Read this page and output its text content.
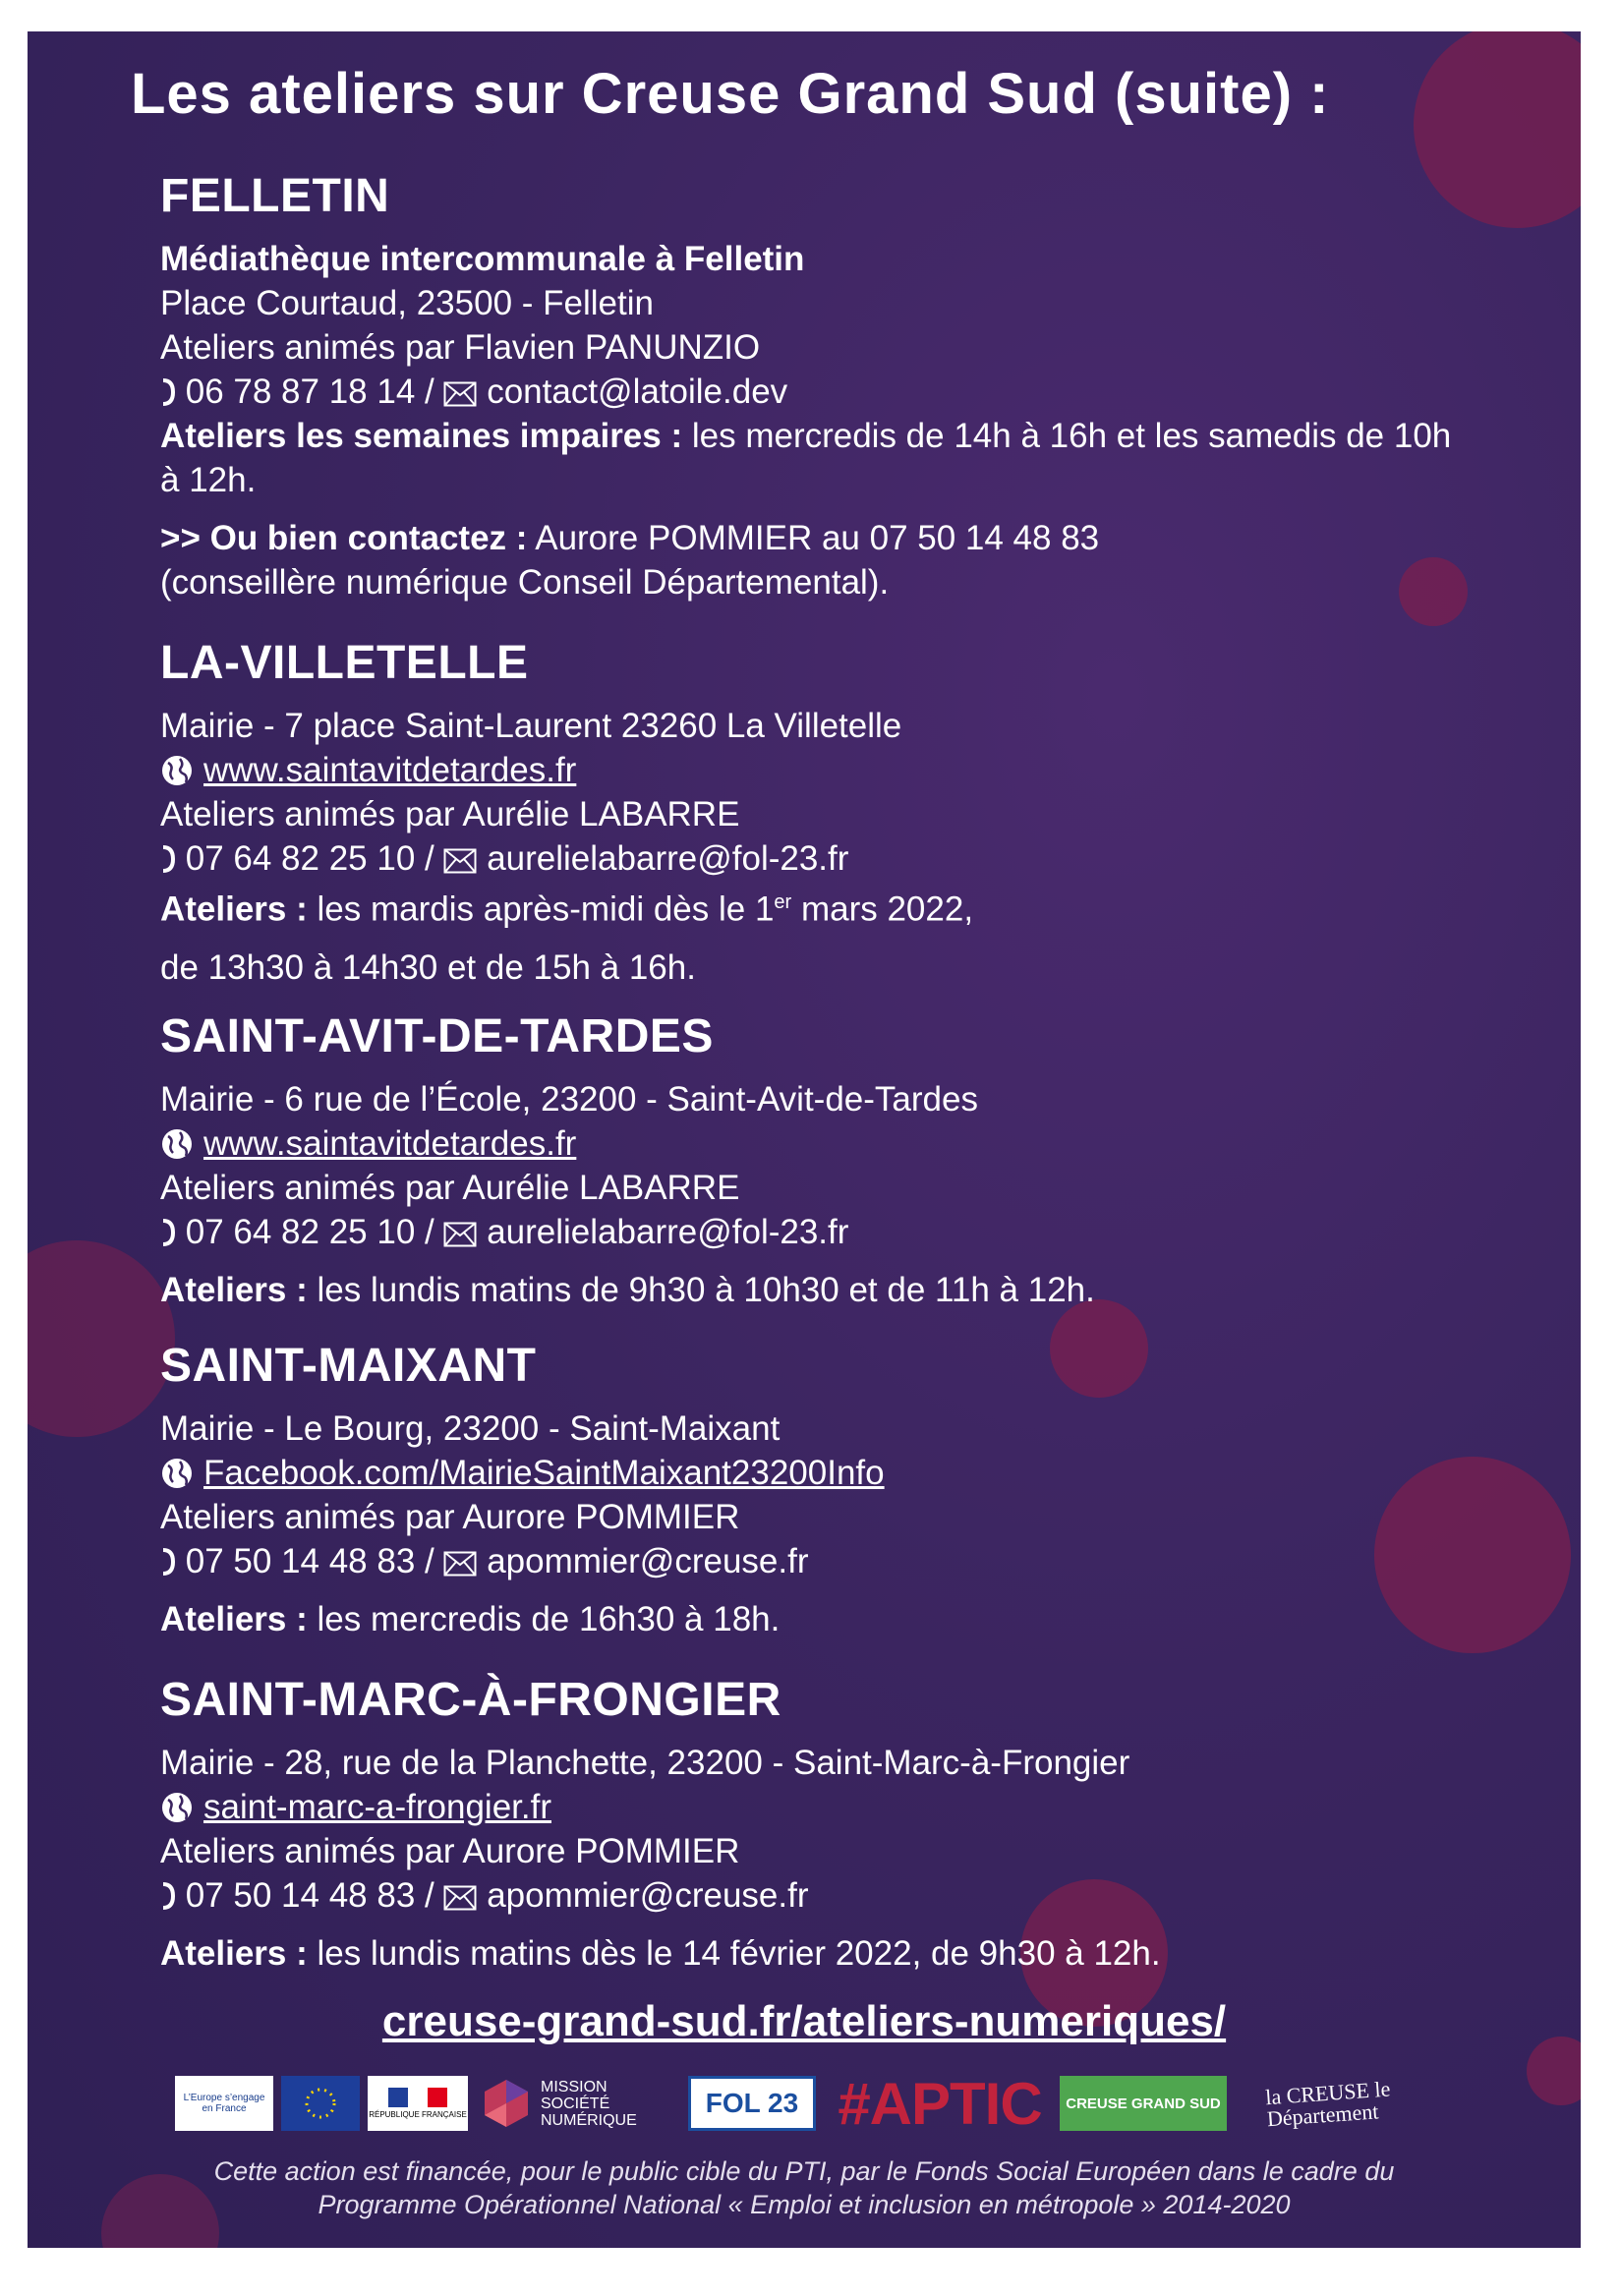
Les ateliers sur Creuse Grand Sud (suite) :
FELLETIN
Médiathèque intercommunale à Felletin
Place Courtaud, 23500 - Felletin
Ateliers animés par Flavien PANUNZIO
06 78 87 18 14 / contact@latoile.dev
Ateliers les semaines impaires : les mercredis de 14h à 16h et les samedis de 10h à 12h.
>> Ou bien contactez : Aurore POMMIER au 07 50 14 48 83 (conseillère numérique Conseil Départemental).
LA-VILLETELLE
Mairie - 7 place Saint-Laurent 23260 La Villetelle
www.saintavitdetardes.fr
Ateliers animés par Aurélie LABARRE
07 64 82 25 10 / aurelielabarre@fol-23.fr
Ateliers : les mardis après-midi dès le 1er mars 2022,
de 13h30 à 14h30 et de 15h à 16h.
SAINT-AVIT-DE-TARDES
Mairie - 6 rue de l’École, 23200 - Saint-Avit-de-Tardes
www.saintavitdetardes.fr
Ateliers animés par Aurélie LABARRE
07 64 82 25 10 / aurelielabarre@fol-23.fr
Ateliers : les lundis matins de 9h30 à 10h30 et de 11h à 12h.
SAINT-MAIXANT
Mairie - Le Bourg, 23200 - Saint-Maixant
Facebook.com/MairieSaintMaixant23200Info
Ateliers animés par Aurore POMMIER
07 50 14 48 83 / apommier@creuse.fr
Ateliers : les mercredis de 16h30 à 18h.
SAINT-MARC-À-FRONGIER
Mairie - 28, rue de la Planchette, 23200 - Saint-Marc-à-Frongier
saint-marc-a-frongier.fr
Ateliers animés par Aurore POMMIER
07 50 14 48 83 / apommier@creuse.fr
Ateliers : les lundis matins dès le 14 février 2022, de 9h30 à 12h.
creuse-grand-sud.fr/ateliers-numeriques/
L’Europe s’engage en France
RÉPUBLIQUE FRANÇAISE
MISSION SOCIÉTÉ NUMÉRIQUE
FOL 23 #APTIC CREUSE GRAND SUD la CREUSE le Département
Cette action est financée, pour le public cible du PTI, par le Fonds Social Européen dans le cadre du
Programme Opérationnel National « Emploi et inclusion en métropole » 2014-2020
